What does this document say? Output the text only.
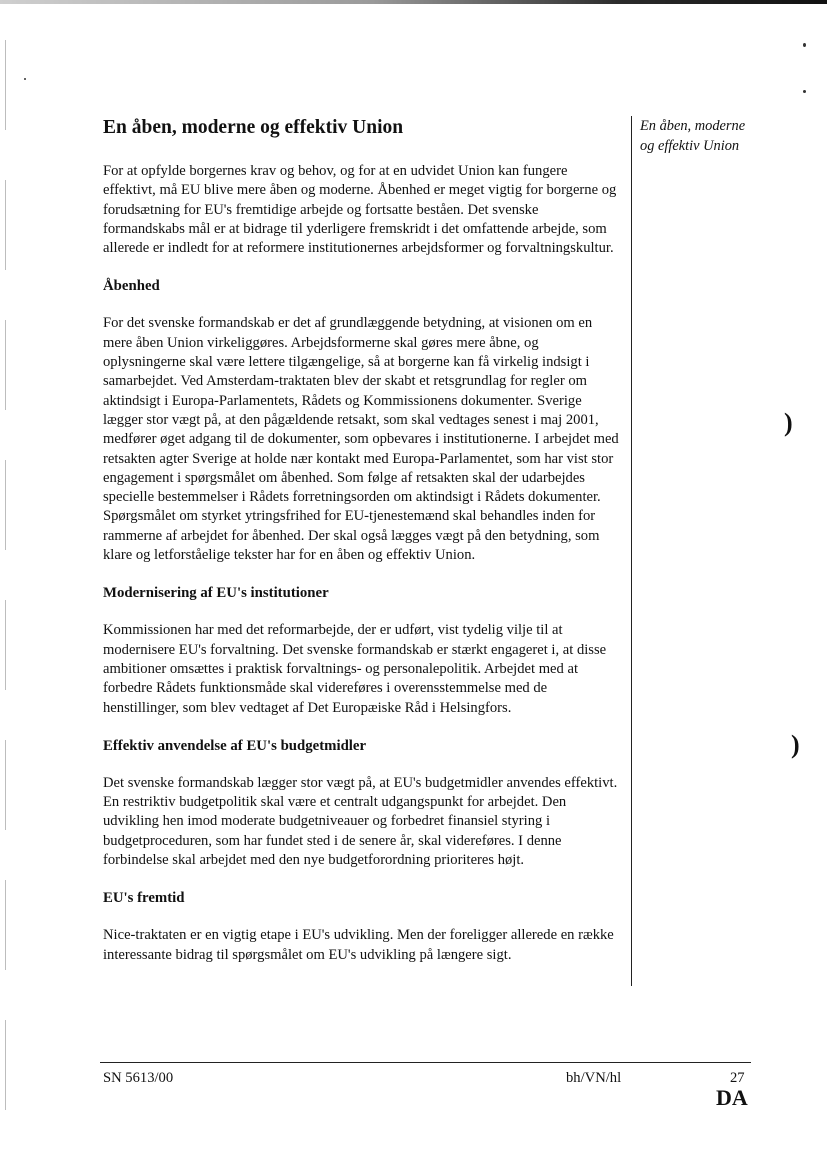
En åben, moderne og effektiv Union

For at opfylde borgernes krav og behov, og for at en udvidet Union kan fungere effektivt, må EU blive mere åben og moderne. Åbenhed er meget vigtig for borgerne og forudsætning for EU's fremtidige arbejde og fortsatte beståen. Det svenske formandskabs mål er at bidrage til yderligere fremskridt i det omfattende arbejde, som allerede er indledt for at reformere institutionernes arbejdsformer og forvaltningskultur.

Åbenhed

For det svenske formandskab er det af grundlæggende betydning, at visionen om en mere åben Union virkeliggøres. Arbejdsformerne skal gøres mere åbne, og oplysningerne skal være lettere tilgængelige, så at borgerne kan få virkelig indsigt i samarbejdet. Ved Amsterdam-traktaten blev der skabt et retsgrundlag for regler om aktindsigt i Europa-Parlamentets, Rådets og Kommissionens dokumenter. Sverige lægger stor vægt på, at den pågældende retsakt, som skal vedtages senest i maj 2001, medfører øget adgang til de dokumenter, som opbevares i institutionerne. I arbejdet med retsakten agter Sverige at holde nær kontakt med Europa-Parlamentet, som har vist stor engagement i spørgsmålet om åbenhed. Som følge af retsakten skal der udarbejdes specielle bestemmelser i Rådets forretningsorden om aktindsigt i Rådets dokumenter. Spørgsmålet om styrket ytringsfrihed for EU-tjenestemænd skal behandles inden for rammerne af arbejdet for åbenhed. Der skal også lægges vægt på den betydning, som klare og letforståelige tekster har for en åben og effektiv Union.

Modernisering af EU's institutioner

Kommissionen har med det reformarbejde, der er udført, vist tydelig vilje til at modernisere EU's forvaltning. Det svenske formandskab er stærkt engageret i, at disse ambitioner omsættes i praktisk forvaltnings- og personalepolitik. Arbejdet med at forbedre Rådets funktionsmåde skal videreføres i overensstemmelse med de henstillinger, som blev vedtaget af Det Europæiske Råd i Helsingfors.

Effektiv anvendelse af EU's budgetmidler

Det svenske formandskab lægger stor vægt på, at EU's budgetmidler anvendes effektivt. En restriktiv budgetpolitik skal være et centralt udgangspunkt for arbejdet. Den udvikling hen imod moderate budgetniveauer og forbedret finansiel styring i budgetproceduren, som har fundet sted i de senere år, skal videreføres. I denne forbindelse skal arbejdet med den nye budgetforordning prioriteres højt.

EU's fremtid

Nice-traktaten er en vigtig etape i EU's udvikling. Men der foreligger allerede en række interessante bidrag til spørgsmålet om EU's udvikling på længere sigt.

En åben, moderne og effektiv Union
)
)
SN 5613/00	bh/VN/hl	27
DA
